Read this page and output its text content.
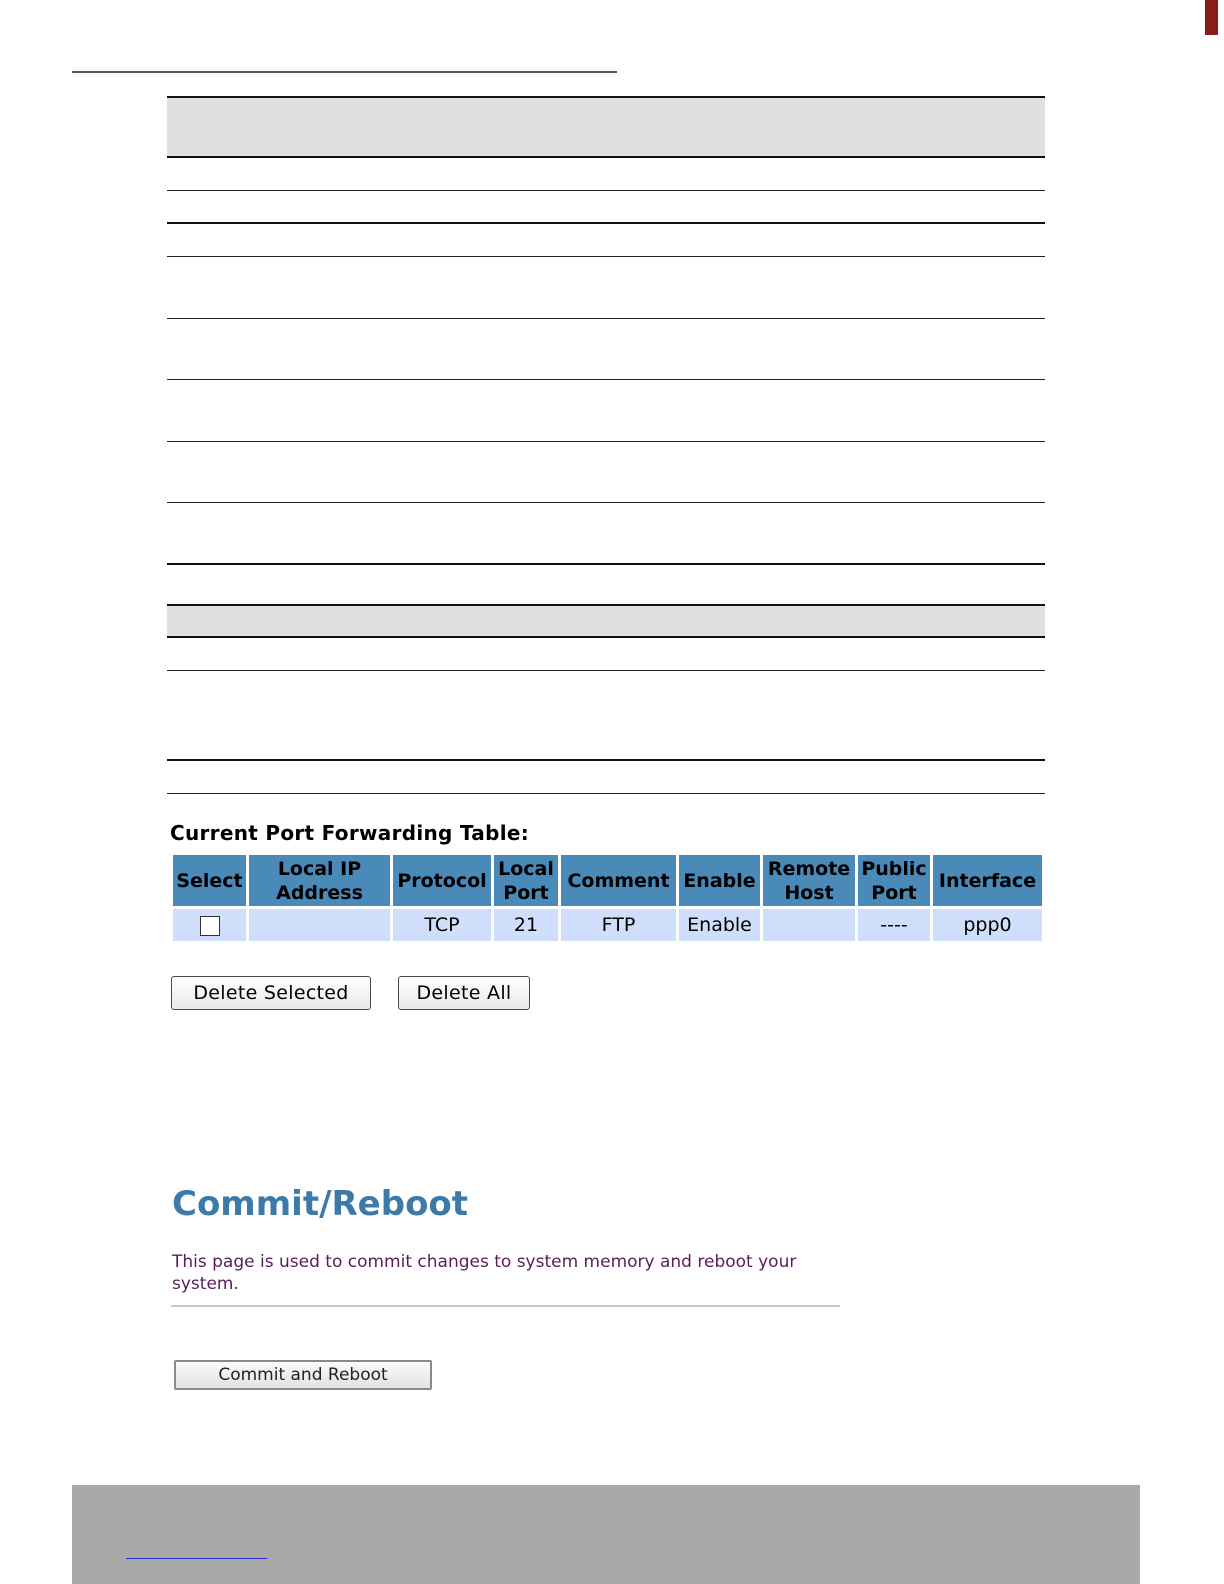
Current Port Forwarding Table:
Select	Local IP Address	Protocol	Local Port	Comment	Enable	Remote Host	Public Port	Interface
		TCP	21	FTP	Enable		----	ppp0
Delete Selected	Delete All
Commit/Reboot
This page is used to commit changes to system memory and reboot your system.
Commit and Reboot
